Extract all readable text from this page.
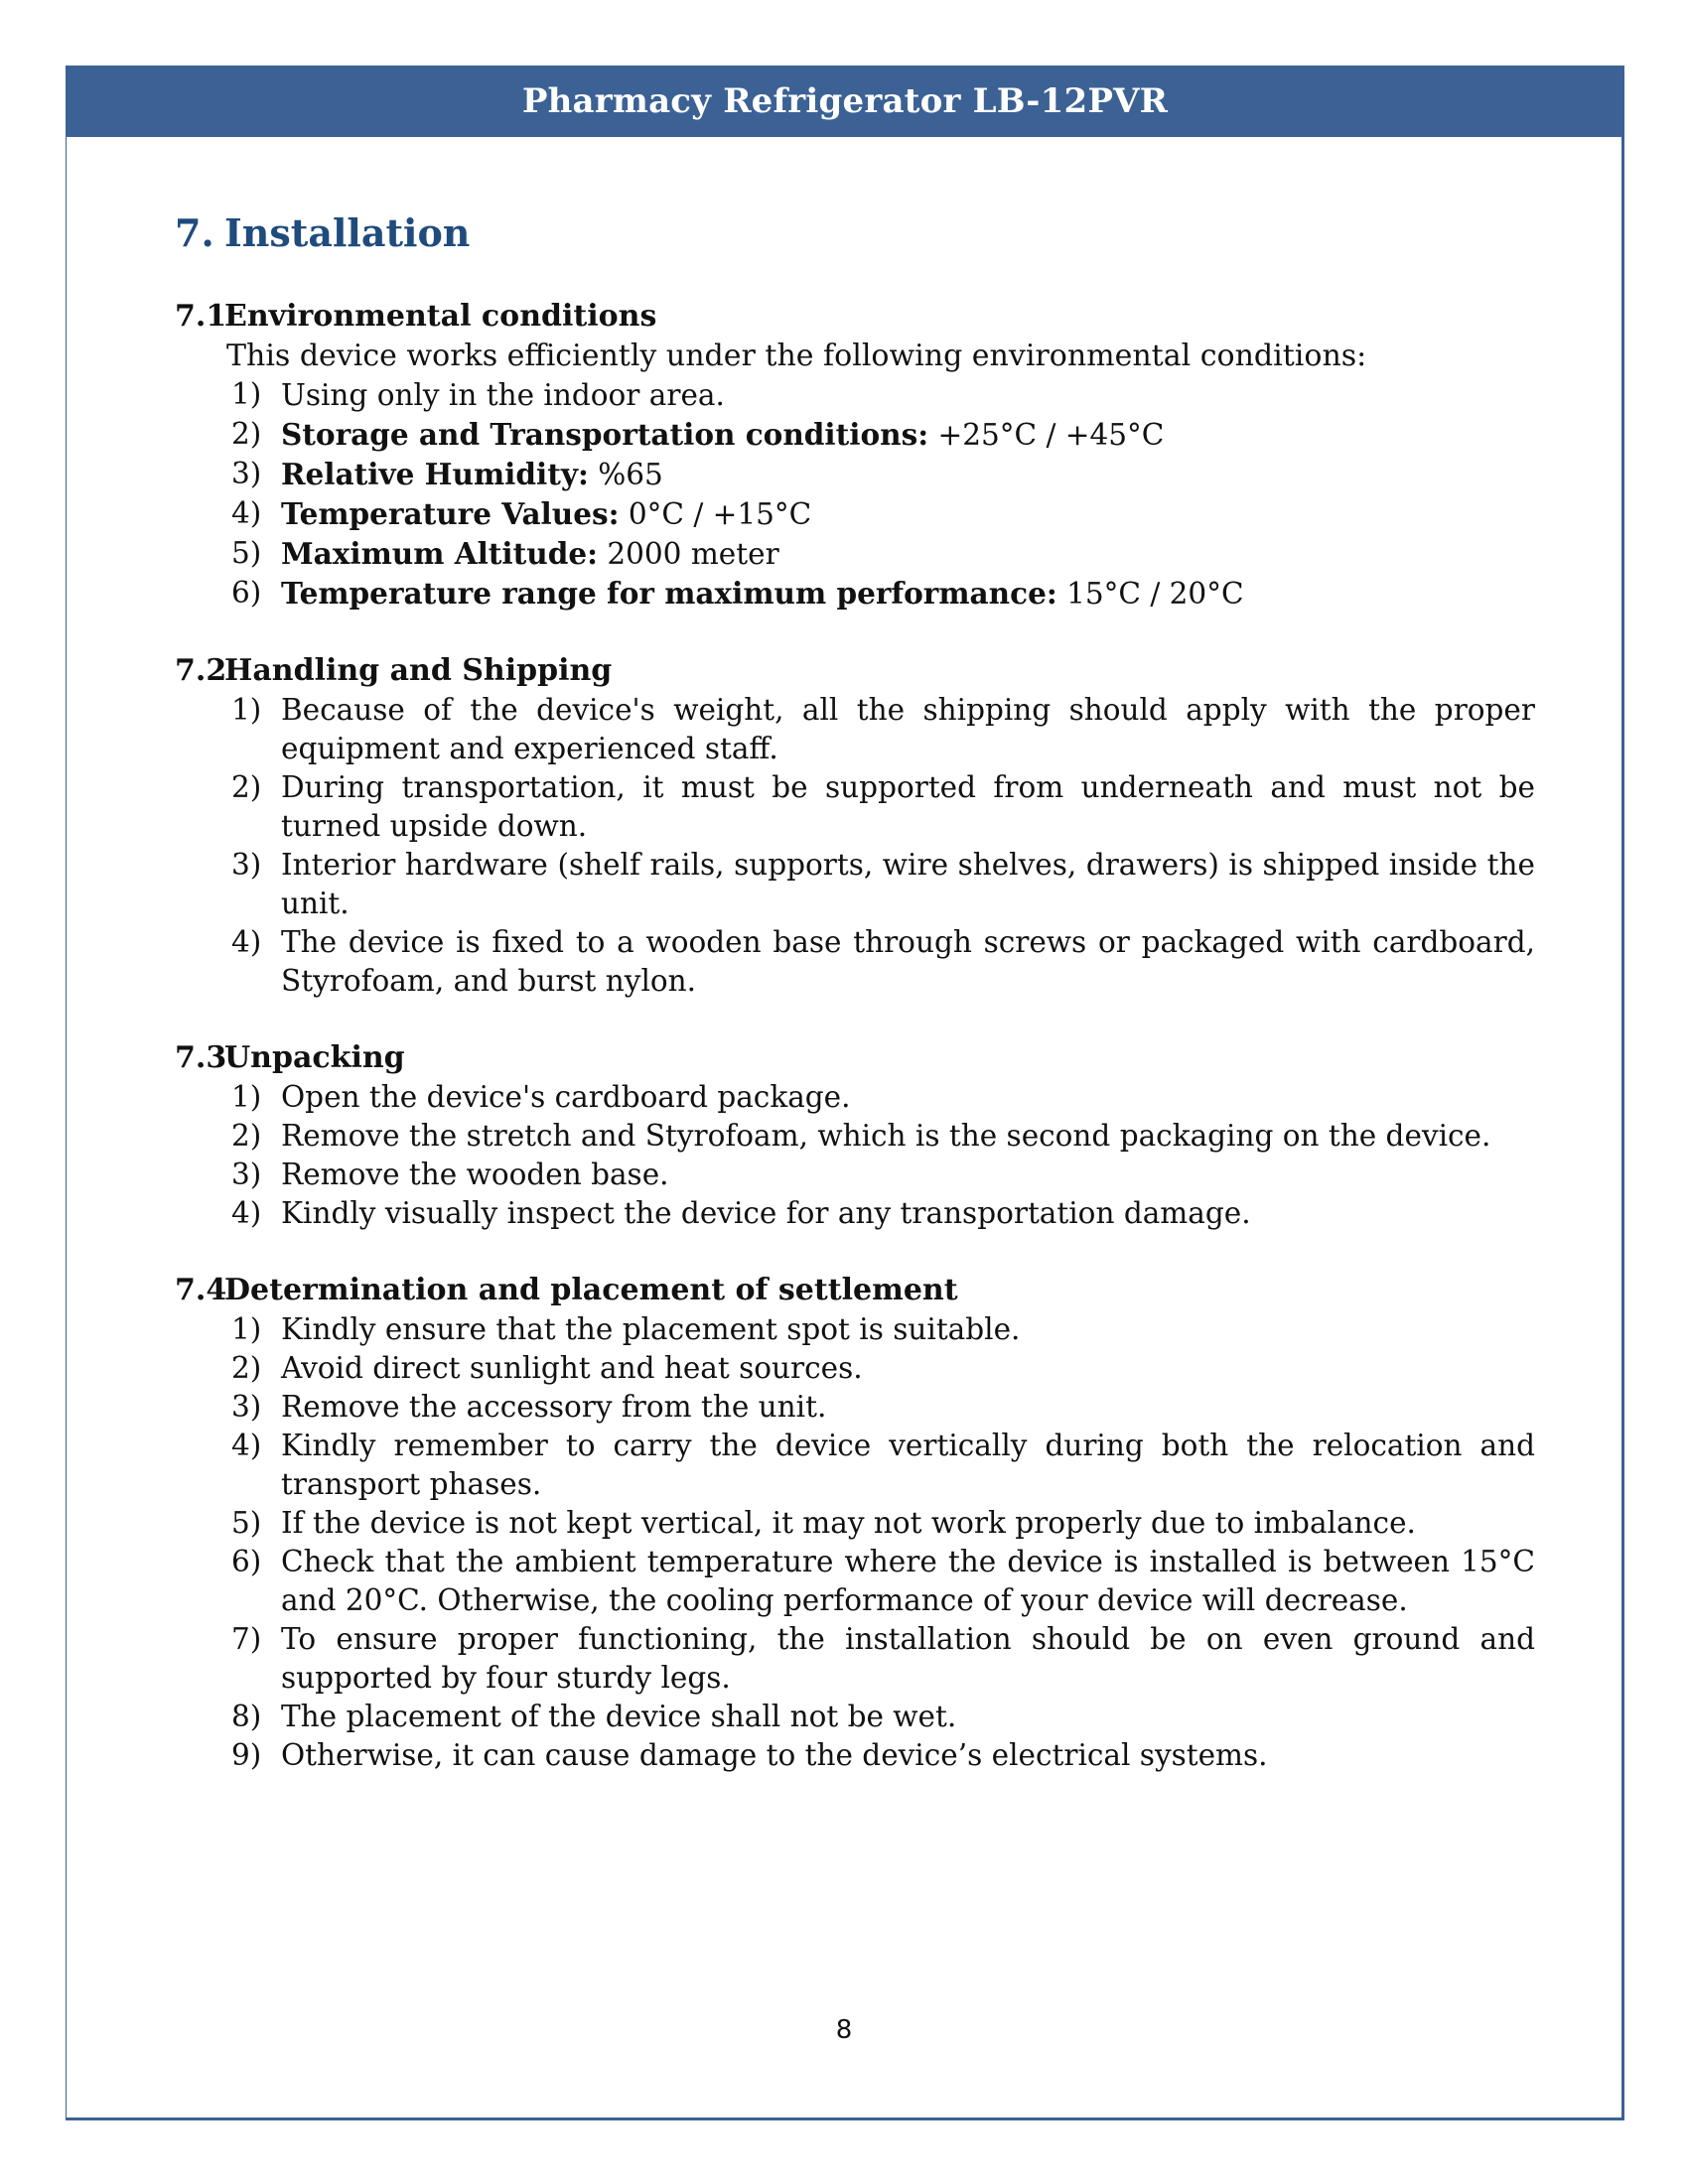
Pharmacy Refrigerator LB-12PVR
7. Installation
7.1Environmental conditions

This device works efficiently under the following environmental conditions:

1) Using only in the indoor area.
2) Storage and Transportation conditions: +25°C / +45°C
3) Relative Humidity: %65
4) Temperature Values: 0°C / +15°C
5) Maximum Altitude: 2000 meter
6) Temperature range for maximum performance: 15°C / 20°C
7.2Handling and Shipping
1) Because of the device's weight, all the shipping should apply with the proper equipment and experienced staff.
2) During transportation, it must be supported from underneath and must not be turned upside down.
3) Interior hardware (shelf rails, supports, wire shelves, drawers) is shipped inside the unit.
4) The device is fixed to a wooden base through screws or packaged with cardboard, Styrofoam, and burst nylon.
7.3Unpacking
1) Open the device's cardboard package.
2) Remove the stretch and Styrofoam, which is the second packaging on the device.
3) Remove the wooden base.
4) Kindly visually inspect the device for any transportation damage.
7.4Determination and placement of settlement
1) Kindly ensure that the placement spot is suitable.
2) Avoid direct sunlight and heat sources.
3) Remove the accessory from the unit.
4) Kindly remember to carry the device vertically during both the relocation and transport phases.
5) If the device is not kept vertical, it may not work properly due to imbalance.
6) Check that the ambient temperature where the device is installed is between 15°C and 20°C. Otherwise, the cooling performance of your device will decrease.
7) To ensure proper functioning, the installation should be on even ground and supported by four sturdy legs.
8) The placement of the device shall not be wet.
9) Otherwise, it can cause damage to the device’s electrical systems.
8
